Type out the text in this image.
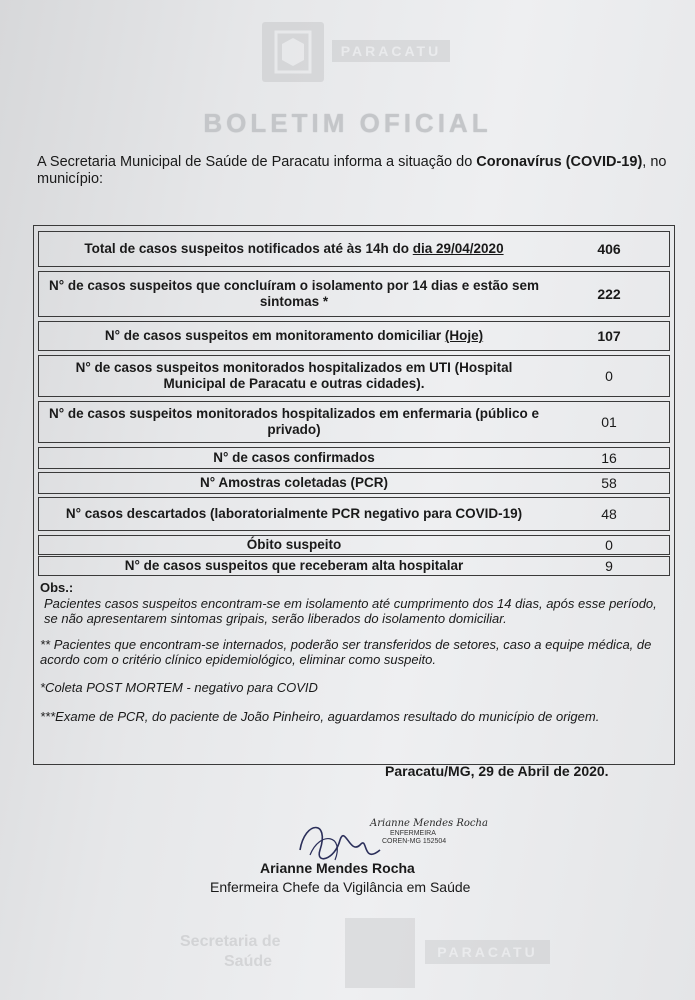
PARACATU
BOLETIM OFICIAL
A Secretaria Municipal de Saúde de Paracatu informa a situação do Coronavírus (COVID-19), no município:
Total de casos suspeitos notificados até às 14h do dia 29/04/2020	406
N° de casos suspeitos que concluíram o isolamento por 14 dias e estão sem sintomas *	222
N° de casos suspeitos em monitoramento domiciliar (Hoje)	107
N° de casos suspeitos monitorados hospitalizados em UTI (Hospital Municipal de Paracatu e outras cidades).	0
N° de casos suspeitos monitorados hospitalizados em enfermaria (público e privado)	01
N° de casos confirmados	16
N° Amostras coletadas (PCR)	58
N° casos descartados (laboratorialmente PCR negativo para COVID-19)	48
Óbito suspeito	0
N° de casos suspeitos que receberam alta hospitalar	9
Obs.:

Pacientes casos suspeitos encontram-se em isolamento até cumprimento dos 14 dias, após esse período, se não apresentarem sintomas gripais, serão liberados do isolamento domiciliar.

** Pacientes que encontram-se internados, poderão ser transferidos de setores, caso a equipe médica, de acordo com o critério clínico epidemiológico, eliminar como suspeito.

*Coleta POST MORTEM - negativo para COVID

***Exame de PCR, do paciente de João Pinheiro, aguardamos resultado do município de origem.

Paracatu/MG, 29 de Abril de 2020.
Arianne Mendes Rocha
ENFERMEIRA
COREN-MG 152504
Arianne Mendes Rocha
Enfermeira Chefe da Vigilância em Saúde
Secretaria de
Saúde
PARACATU
